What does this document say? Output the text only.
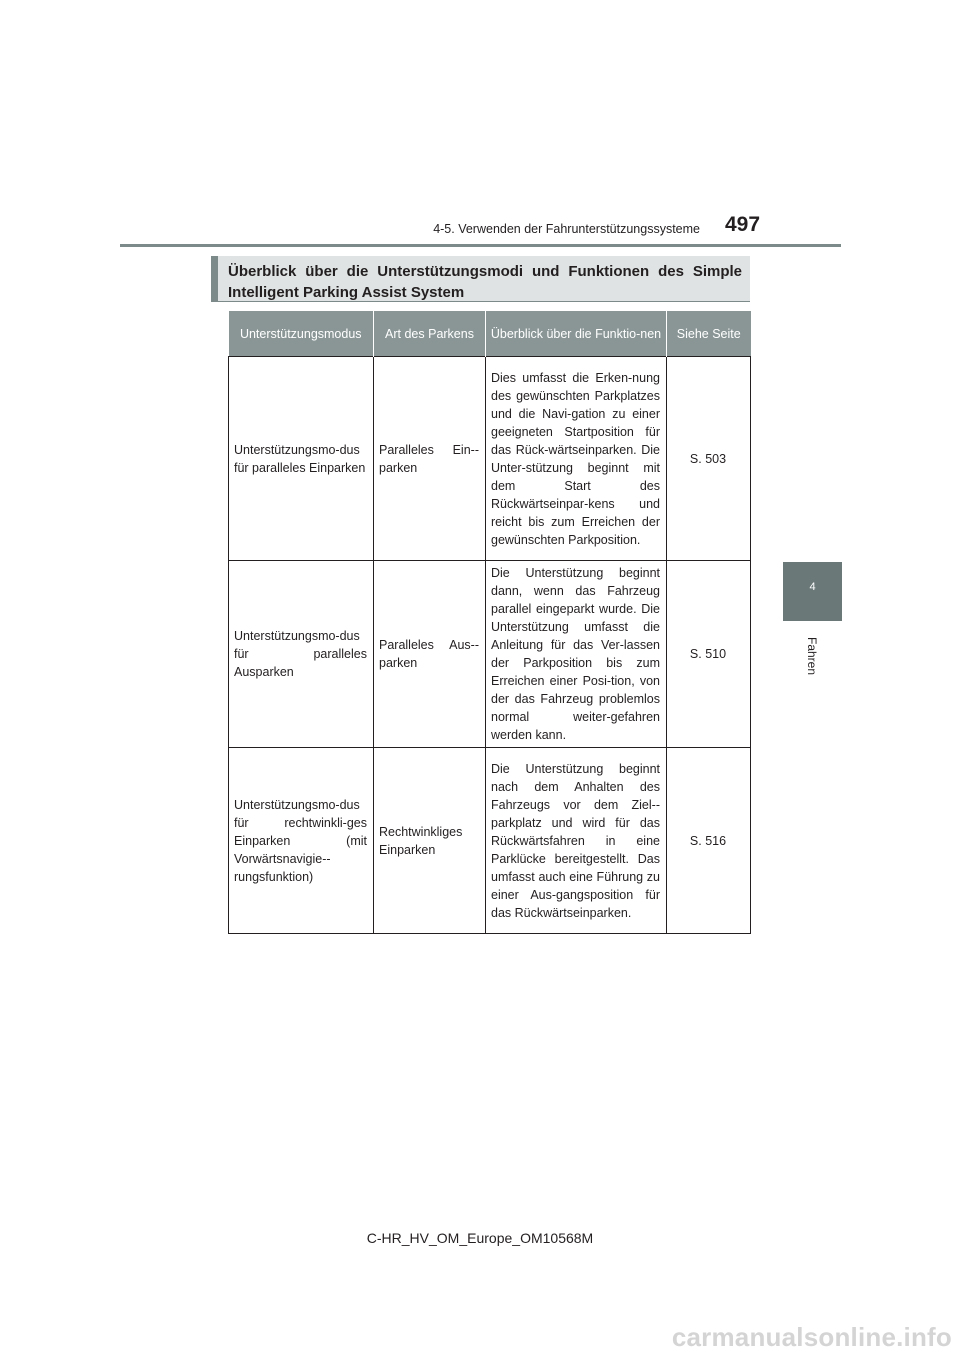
4-5. Verwenden der Fahrunterstützungssysteme 497
4
Fahren
Überblick über die Unterstützungsmodi und Funktionen des Simple Intelligent Parking Assist System
Unterstützungsmodus	Art des Parkens	Überblick über die Funktio-nen	Siehe Seite
Unterstützungsmo-dus für paralleles Einparken	Paralleles Ein-parken	Dies umfasst die Erken-nung des gewünschten Parkplatzes und die Navi-gation zu einer geeigneten Startposition für das Rück-wärtseinparken. Die Unter-stützung beginnt mit dem Start des Rückwärtseinpar-kens und reicht bis zum Erreichen der gewünschten Parkposition.	S. 503
Unterstützungsmo-dus für paralleles Ausparken	Paralleles Aus-parken	Die Unterstützung beginnt dann, wenn das Fahrzeug parallel eingeparkt wurde. Die Unterstützung umfasst die Anleitung für das Ver-lassen der Parkposition bis zum Erreichen einer Posi-tion, von der das Fahrzeug problemlos normal weiter-gefahren werden kann.	S. 510
Unterstützungsmo-dus für rechtwinkli-ges Einparken (mit Vorwärtsnavigie-rungsfunktion)	Rechtwinkliges Einparken	Die Unterstützung beginnt nach dem Anhalten des Fahrzeugs vor dem Ziel-parkplatz und wird für das Rückwärtsfahren in eine Parklücke bereitgestellt. Das umfasst auch eine Führung zu einer Aus-gangsposition für das Rückwärtseinparken.	S. 516
C-HR_HV_OM_Europe_OM10568M
carmanualsonline.info
